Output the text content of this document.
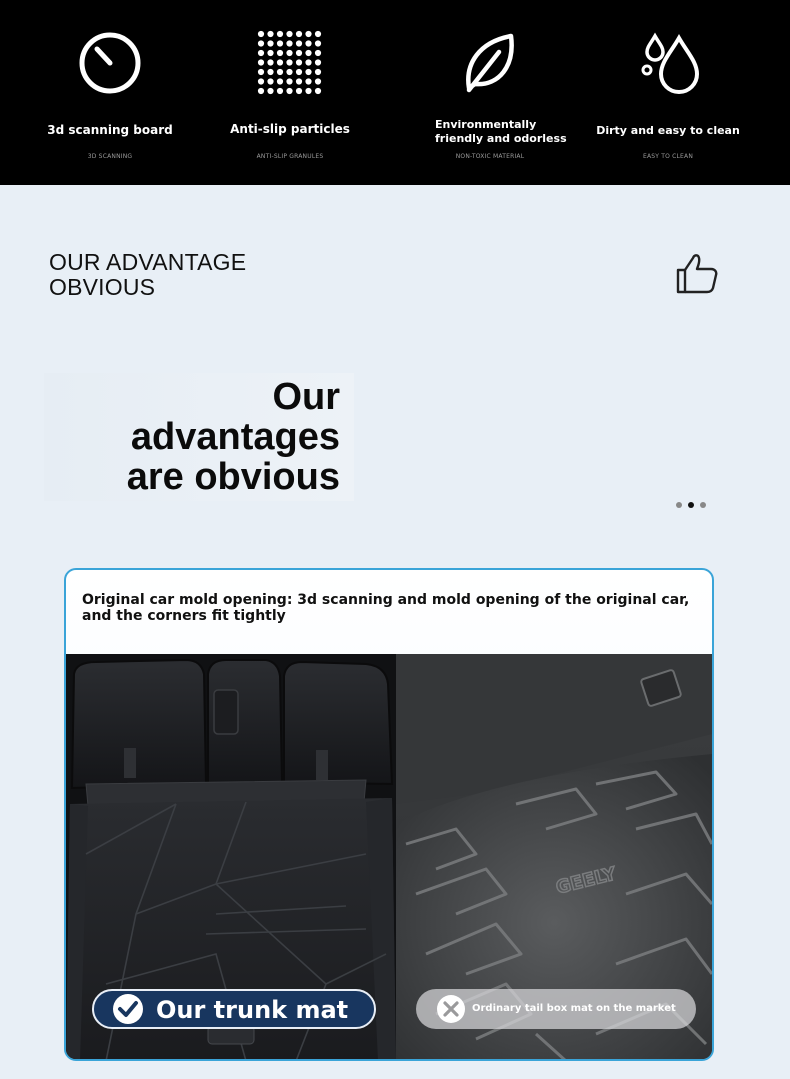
3d scanning board
3D SCANNING
Anti-slip particles
ANTI-SLIP GRANULES
Environmentally
friendly and odorless
NON-TOXIC MATERIAL
Dirty and easy to clean
EASY TO CLEAN
OUR ADVANTAGE
OBVIOUS
Our
advantages
are obvious
Original car mold opening: 3d scanning and mold opening of the original car, and the corners fit tightly
GEELY
Our trunk mat	Ordinary tail box mat on the market
